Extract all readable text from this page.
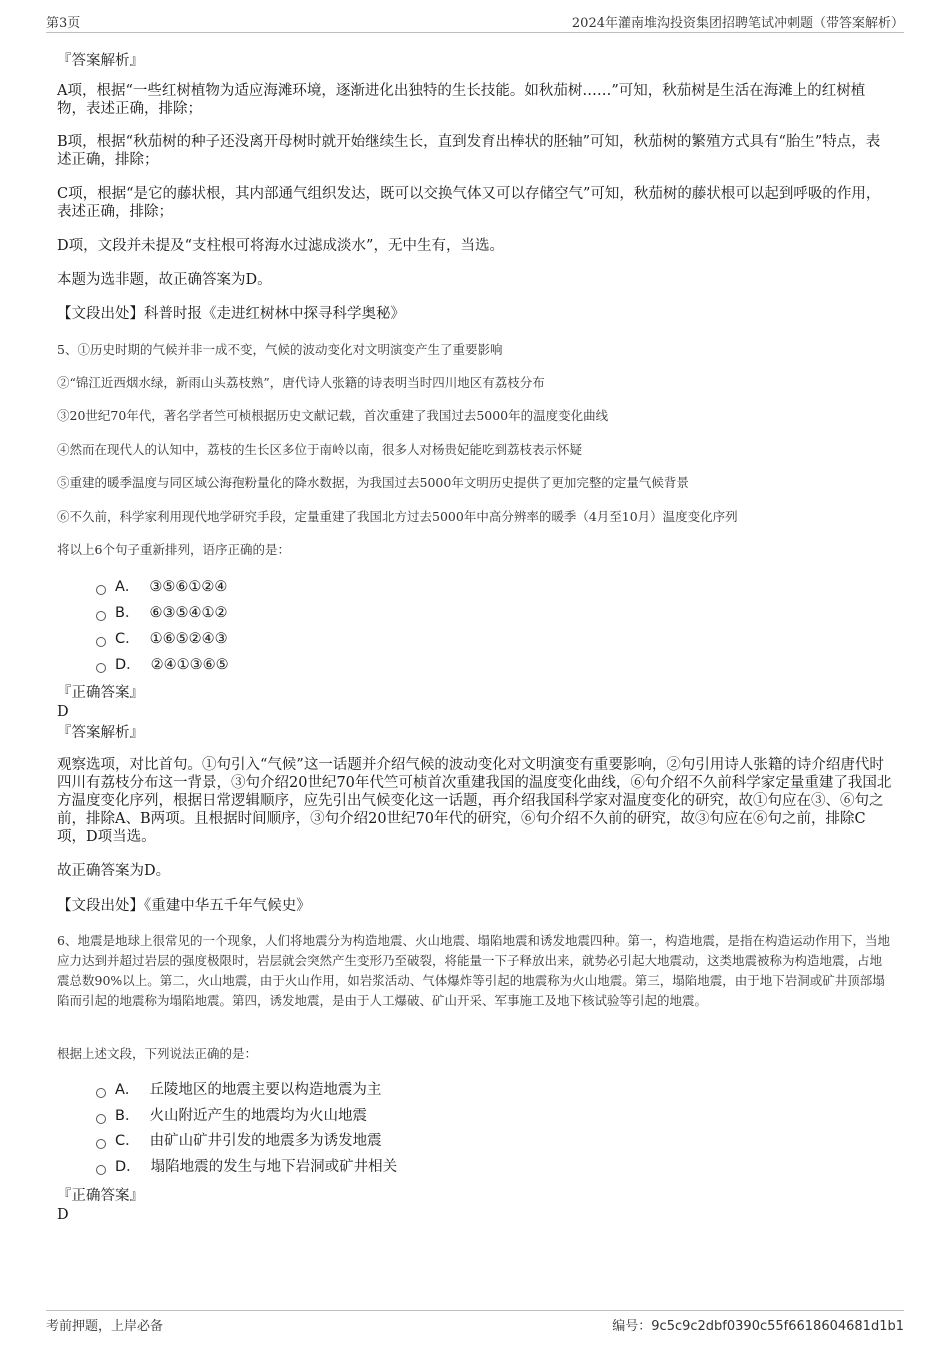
第3页	2024年灌南堆沟投资集团招聘笔试冲刺题（带答案解析）
『答案解析』
A项，根据“一些红树植物为适应海滩环境，逐渐进化出独特的生长技能。如秋茄树……”可知，秋茄树是生活在海滩上的红树植物，表述正确，排除；
B项，根据“秋茄树的种子还没离开母树时就开始继续生长，直到发育出棒状的胚轴”可知，秋茄树的繁殖方式具有“胎生”特点，表述正确，排除；
C项，根据“是它的藤状根，其内部通气组织发达，既可以交换气体又可以存储空气”可知，秋茄树的藤状根可以起到呼吸的作用，表述正确，排除；
D项，文段并未提及“支柱根可将海水过滤成淡水”，无中生有，当选。
本题为选非题，故正确答案为D。
【文段出处】科普时报《走进红树林中探寻科学奥秘》
5、①历史时期的气候并非一成不变，气候的波动变化对文明演变产生了重要影响
②“锦江近西烟水绿，新雨山头荔枝熟”，唐代诗人张籍的诗表明当时四川地区有荔枝分布
③20世纪70年代，著名学者竺可桢根据历史文献记载，首次重建了我国过去5000年的温度变化曲线
④然而在现代人的认知中，荔枝的生长区多位于南岭以南，很多人对杨贵妃能吃到荔枝表示怀疑
⑤重建的暖季温度与同区域公海孢粉量化的降水数据，为我国过去5000年文明历史提供了更加完整的定量气候背景
⑥不久前，科学家利用现代地学研究手段，定量重建了我国北方过去5000年中高分辨率的暖季（4月至10月）温度变化序列
将以上6个句子重新排列，语序正确的是：
A． ③⑤⑥①②④
B． ⑥③⑤④①②
C． ①⑥⑤②④③
D． ②④①③⑥⑤
『正确答案』
D
『答案解析』
观察选项，对比首句。①句引入“气候”这一话题并介绍气候的波动变化对文明演变有重要影响，②句引用诗人张籍的诗介绍唐代时四川有荔枝分布这一背景，③句介绍20世纪70年代竺可桢首次重建我国的温度变化曲线，⑥句介绍不久前科学家定量重建了我国北方温度变化序列，根据日常逻辑顺序，应先引出气候变化这一话题，再介绍我国科学家对温度变化的研究，故①句应在③、⑥句之前，排除A、B两项。且根据时间顺序，③句介绍20世纪70年代的研究，⑥句介绍不久前的研究，故③句应在⑥句之前，排除C项，D项当选。
故正确答案为D。
【文段出处】《重建中华五千年气候史》
6、地震是地球上很常见的一个现象，人们将地震分为构造地震、火山地震、塌陷地震和诱发地震四种。第一，构造地震，是指在构造运动作用下，当地应力达到并超过岩层的强度极限时，岩层就会突然产生变形乃至破裂，将能量一下子释放出来，就势必引起大地震动，这类地震被称为构造地震，占地震总数90%以上。第二，火山地震，由于火山作用，如岩浆活动、气体爆炸等引起的地震称为火山地震。第三，塌陷地震，由于地下岩洞或矿井顶部塌陷而引起的地震称为塌陷地震。第四，诱发地震，是由于人工爆破、矿山开采、军事施工及地下核试验等引起的地震。
根据上述文段，下列说法正确的是：
A． 丘陵地区的地震主要以构造地震为主
B． 火山附近产生的地震均为火山地震
C． 由矿山矿井引发的地震多为诱发地震
D． 塌陷地震的发生与地下岩洞或矿井相关
『正确答案』
D
考前押题，上岸必备	编号：9c5c9c2dbf0390c55f6618604681d1b1
